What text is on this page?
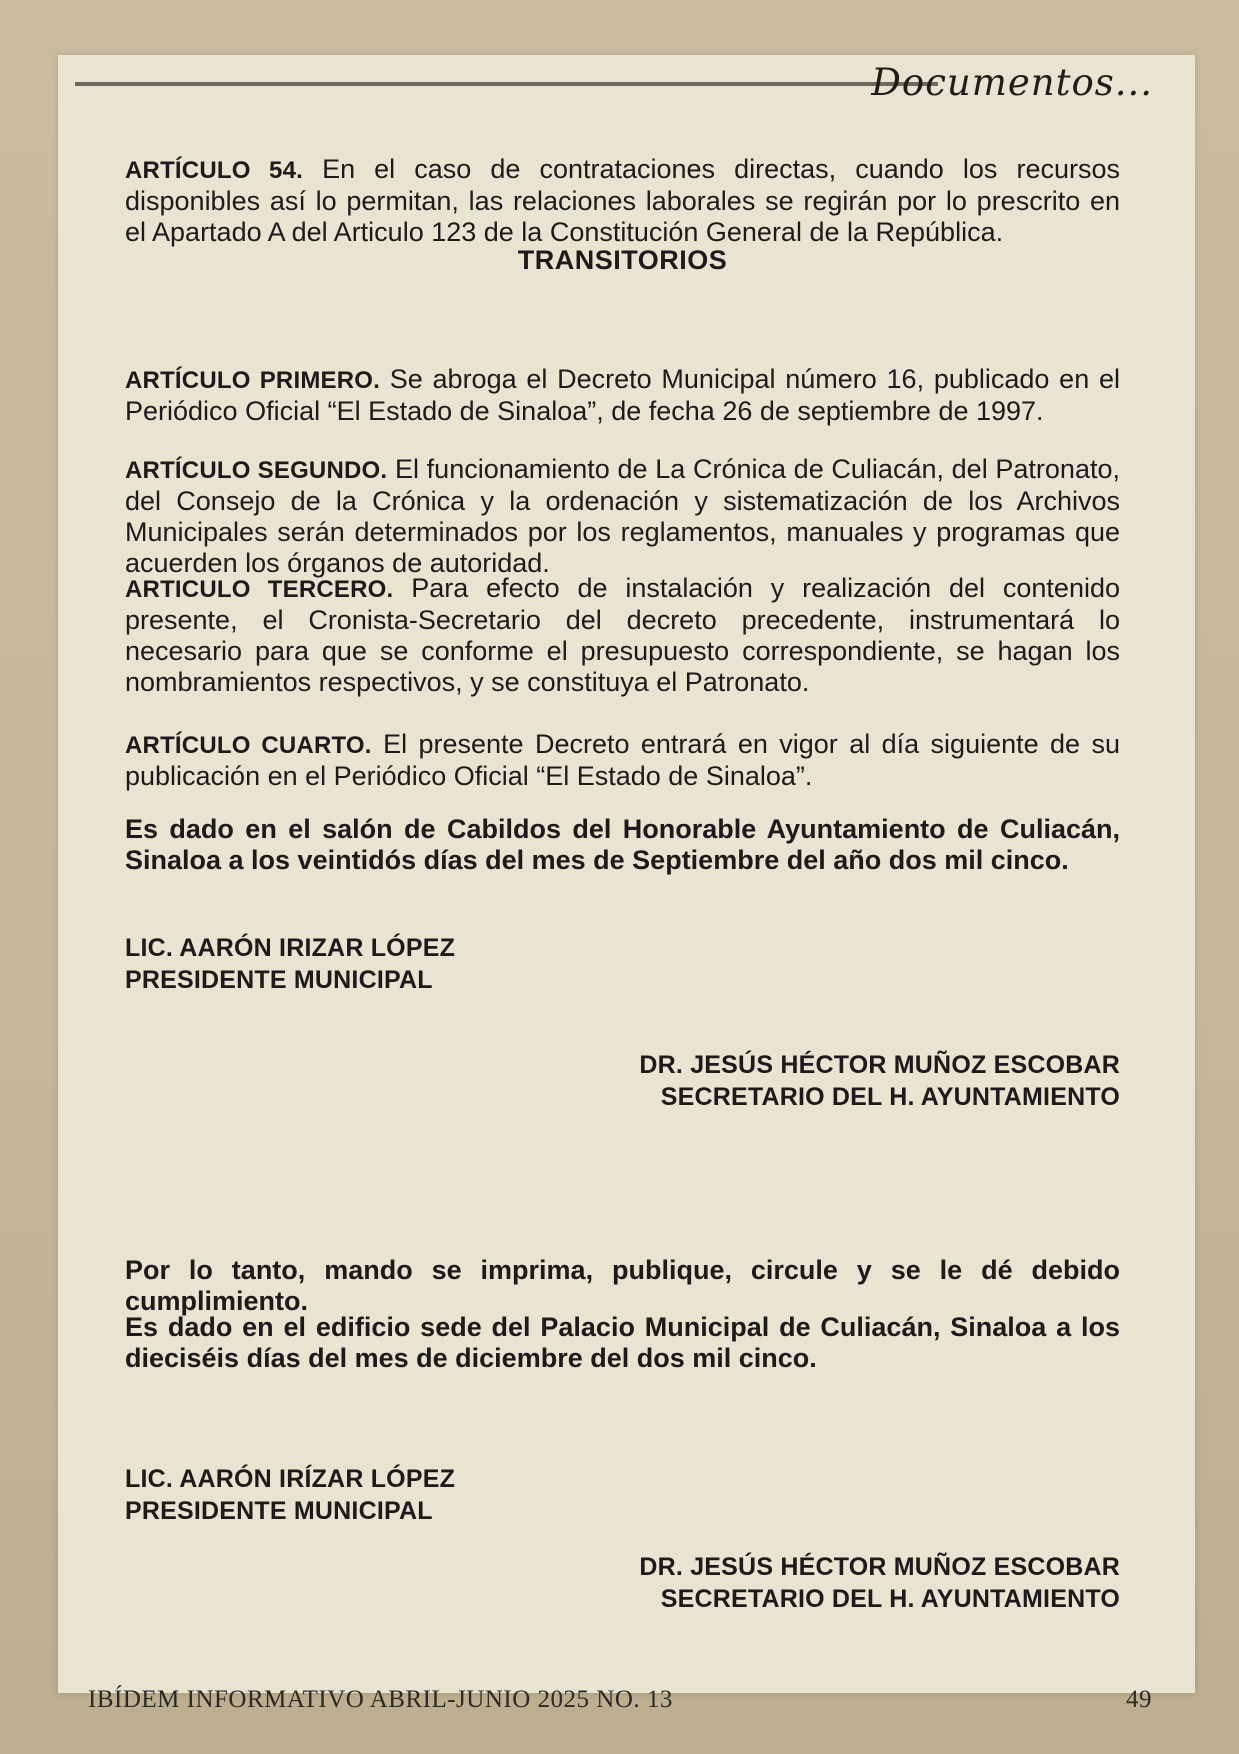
Documentos...

ARTÍCULO 54. En el caso de contrataciones directas, cuando los recursos disponibles así lo permitan, las relaciones laborales se regirán por lo prescrito en el Apartado A del Articulo 123 de la Constitución General de la República.

TRANSITORIOS

ARTÍCULO PRIMERO. Se abroga el Decreto Municipal número 16, publicado en el Periódico Oficial “El Estado de Sinaloa”, de fecha 26 de septiembre de 1997.

ARTÍCULO SEGUNDO. El funcionamiento de La Crónica de Culiacán, del Patronato, del Consejo de la Crónica y la ordenación y sistematización de los Archivos Municipales serán determinados por los reglamentos, manuales y programas que acuerden los órganos de autoridad.

ARTICULO TERCERO. Para efecto de instalación y realización del contenido presente, el Cronista-Secretario del decreto precedente, instrumentará lo necesario para que se conforme el presupuesto correspondiente, se hagan los nombramientos respectivos, y se constituya el Patronato.

ARTÍCULO CUARTO. El presente Decreto entrará en vigor al día siguiente de su publicación en el Periódico Oficial “El Estado de Sinaloa”.

Es dado en el salón de Cabildos del Honorable Ayuntamiento de Culiacán, Sinaloa a los veintidós días del mes de Septiembre del año dos mil cinco.

LIC. AARÓN IRIZAR LÓPEZ
PRESIDENTE MUNICIPAL
DR. JESÚS HÉCTOR MUÑOZ ESCOBAR
SECRETARIO DEL H. AYUNTAMIENTO

Por lo tanto, mando se imprima, publique, circule y se le dé debido cumplimiento.

Es dado en el edificio sede del Palacio Municipal de Culiacán, Sinaloa a los dieciséis días del mes de diciembre del dos mil cinco.

LIC. AARÓN IRÍZAR LÓPEZ
PRESIDENTE MUNICIPAL
DR. JESÚS HÉCTOR MUÑOZ ESCOBAR
SECRETARIO DEL H. AYUNTAMIENTO
IBÍDEM INFORMATIVO ABRIL-JUNIO 2025 NO. 13	49
